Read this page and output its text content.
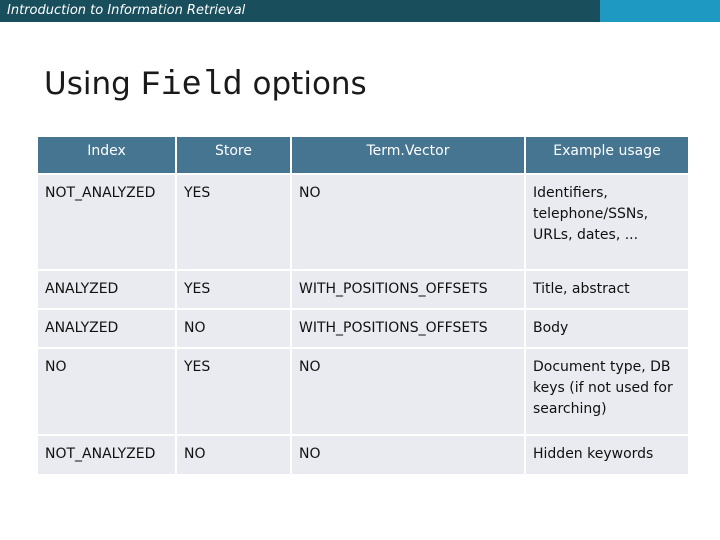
Introduction to Information Retrieval
Using Field options
Index	Store	Term.Vector	Example usage
NOT_ANALYZED	YES	NO	Identifiers, telephone/SSNs, URLs, dates, ...
ANALYZED	YES	WITH_POSITIONS_OFFSETS	Title, abstract
ANALYZED	NO	WITH_POSITIONS_OFFSETS	Body
NO	YES	NO	Document type, DB keys (if not used for searching)
NOT_ANALYZED	NO	NO	Hidden keywords
